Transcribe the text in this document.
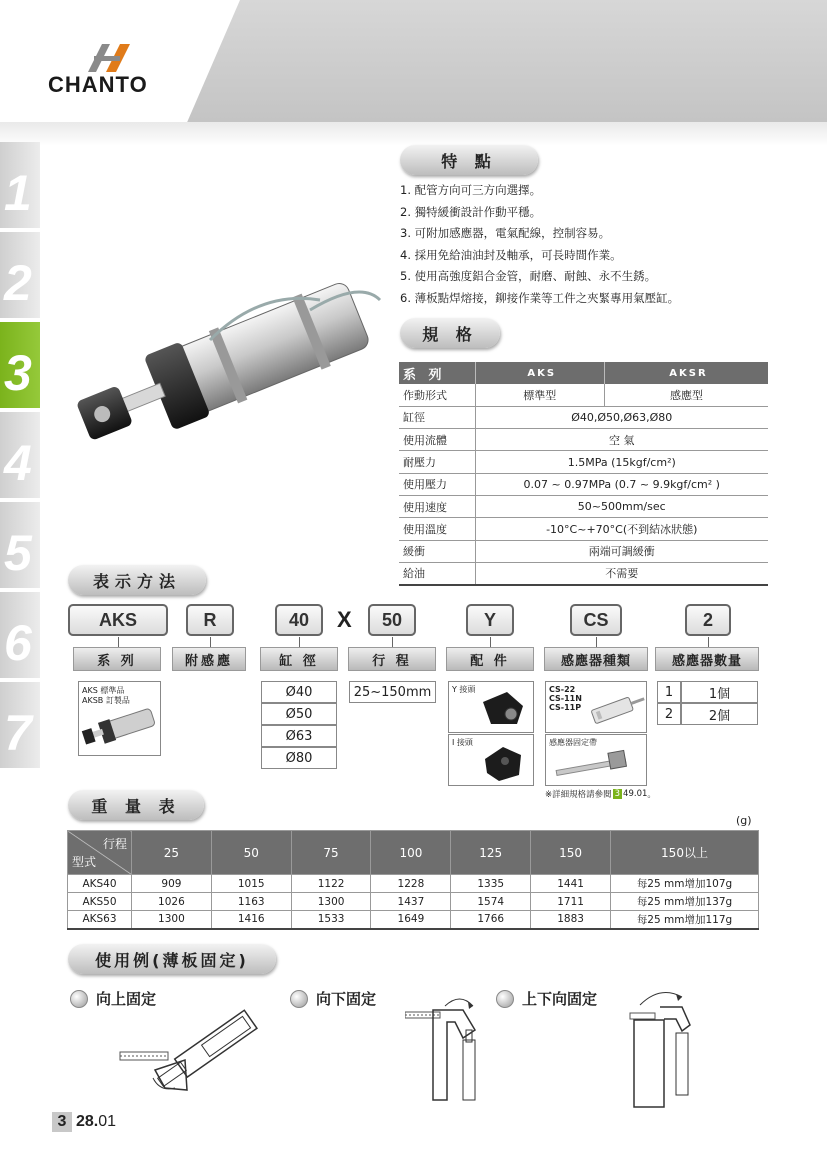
CHANTO
1
2
3
4
5
6
7
特 點
1. 配管方向可三方向選擇。
2. 獨特緩衝設計作動平穩。
3. 可附加感應器，電氣配線，控制容易。
4. 採用免給油油封及軸承，可長時間作業。
5. 使用高強度鋁合金管，耐磨、耐蝕、永不生銹。
6. 薄板點焊熔接，鉚接作業等工件之夾緊專用氣壓缸。
規 格
系 列	AKS	AKSR
作動形式	標準型	感應型
缸徑	Ø40,Ø50,Ø63,Ø80	
使用流體	空 氣	
耐壓力	1.5MPa (15kgf/cm²)	
使用壓力	0.07 ~ 0.97MPa (0.7 ~ 9.9kgf/cm² )	
使用速度	50~500mm/sec	
使用溫度	-10°C~+70°C(不到結冰狀態)	
緩衝	兩端可調緩衝	
給油	不需要	
表示方法
AKS	R	40	X	50	Y	CS	2
系 列	附感應	缸 徑	行 程	配 件	感應器種類	感應器數量
AKS 標準品
AKSB 訂製品
Ø40
Ø50
Ø63
Ø80
25~150mm	Y 接頭
I 接頭
CS-22
CS-11N
CS-11P
感應器固定帶
1	1個
2	2個
※詳細規格請參閱 3 49.01 。
重 量 表
(g)
行程
型式	25	50	75	100	125	150	150以上
AKS40	909	1015	1122	1228	1335	1441	每25 mm增加107g
AKS50	1026	1163	1300	1437	1574	1711	每25 mm增加137g
AKS63	1300	1416	1533	1649	1766	1883	每25 mm增加117g
使用例(薄板固定)
向上固定	向下固定	上下向固定
3 28. 01
